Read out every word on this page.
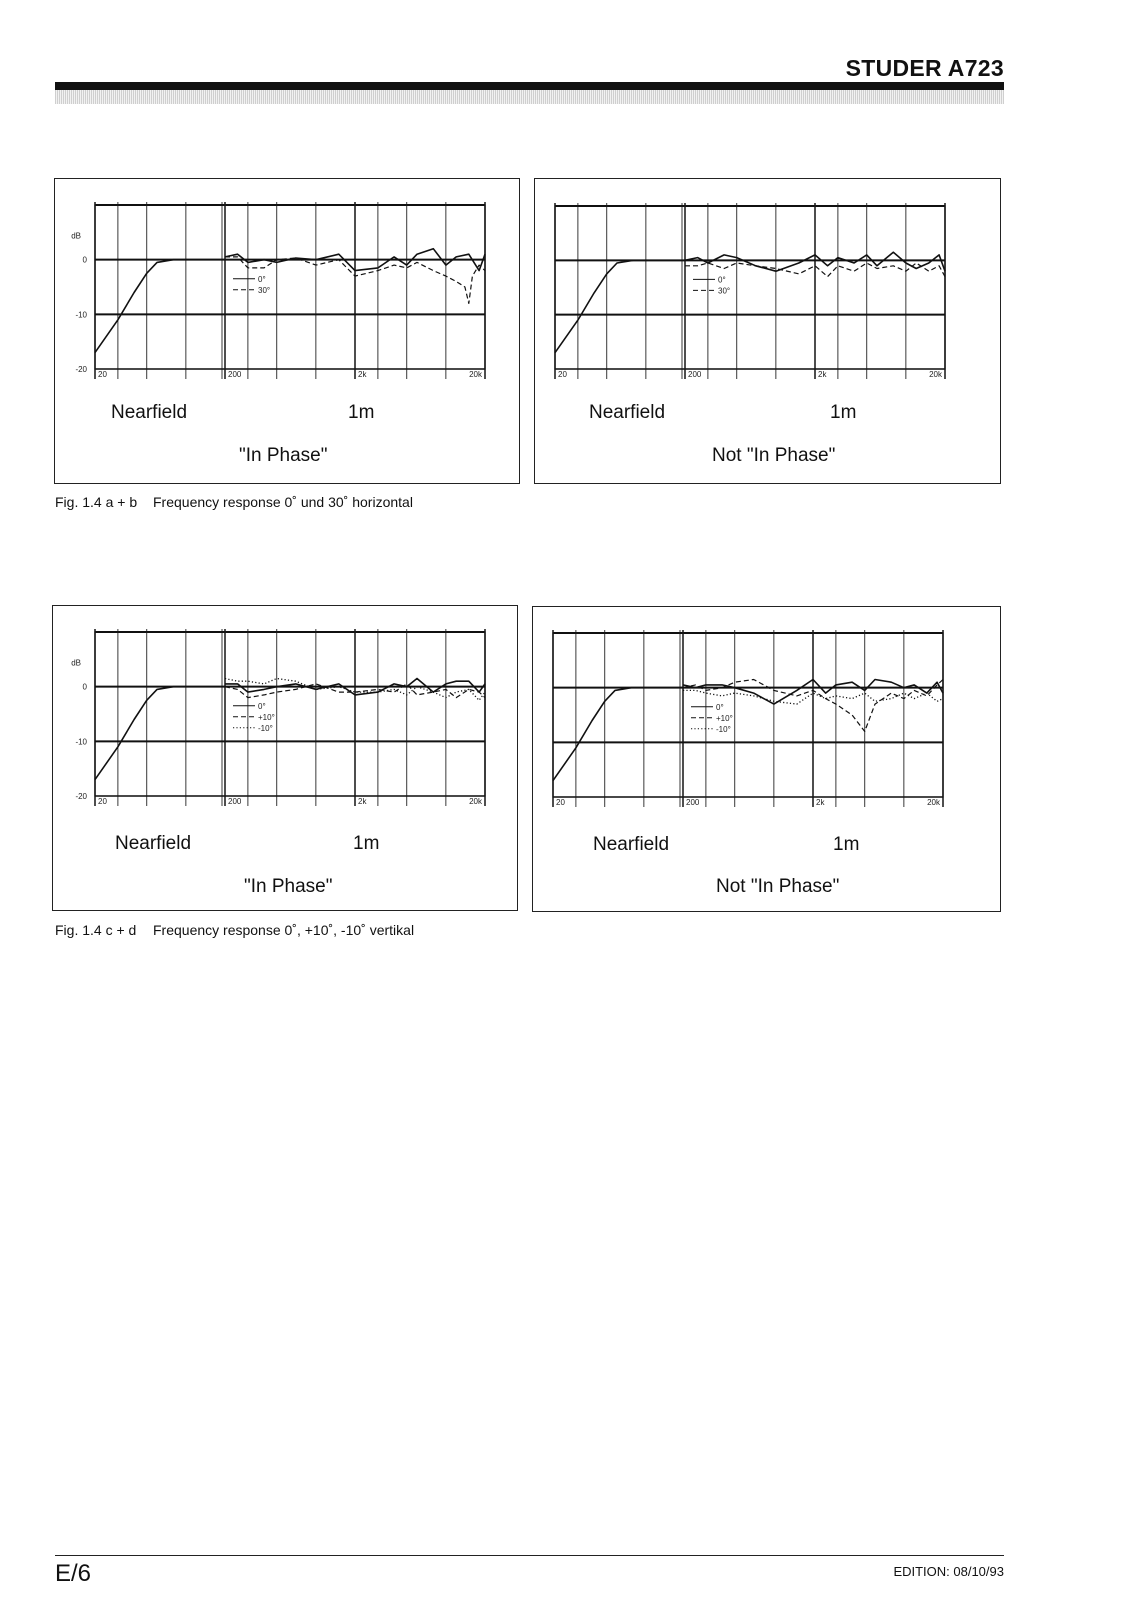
STUDER A723
dB
0
-10
-20
20	200	2k	20k
0°
30°
Nearfield	1m
"In Phase"
20	200	2k	20k
0°
30°
Nearfield	1m
Not "In Phase"
Fig. 1.4 a + b Frequency response 0˚ und 30˚ horizontal
dB
0
-10
-20
20	200	2k	20k
0°
+10°
-10°
Nearfield	1m
"In Phase"
20	200	2k	20k
0°
+10°
-10°
Nearfield	1m
Not "In Phase"
Fig. 1.4 c + d Frequency response 0˚, +10˚, -10˚ vertikal
E/6	EDITION: 08/10/93
